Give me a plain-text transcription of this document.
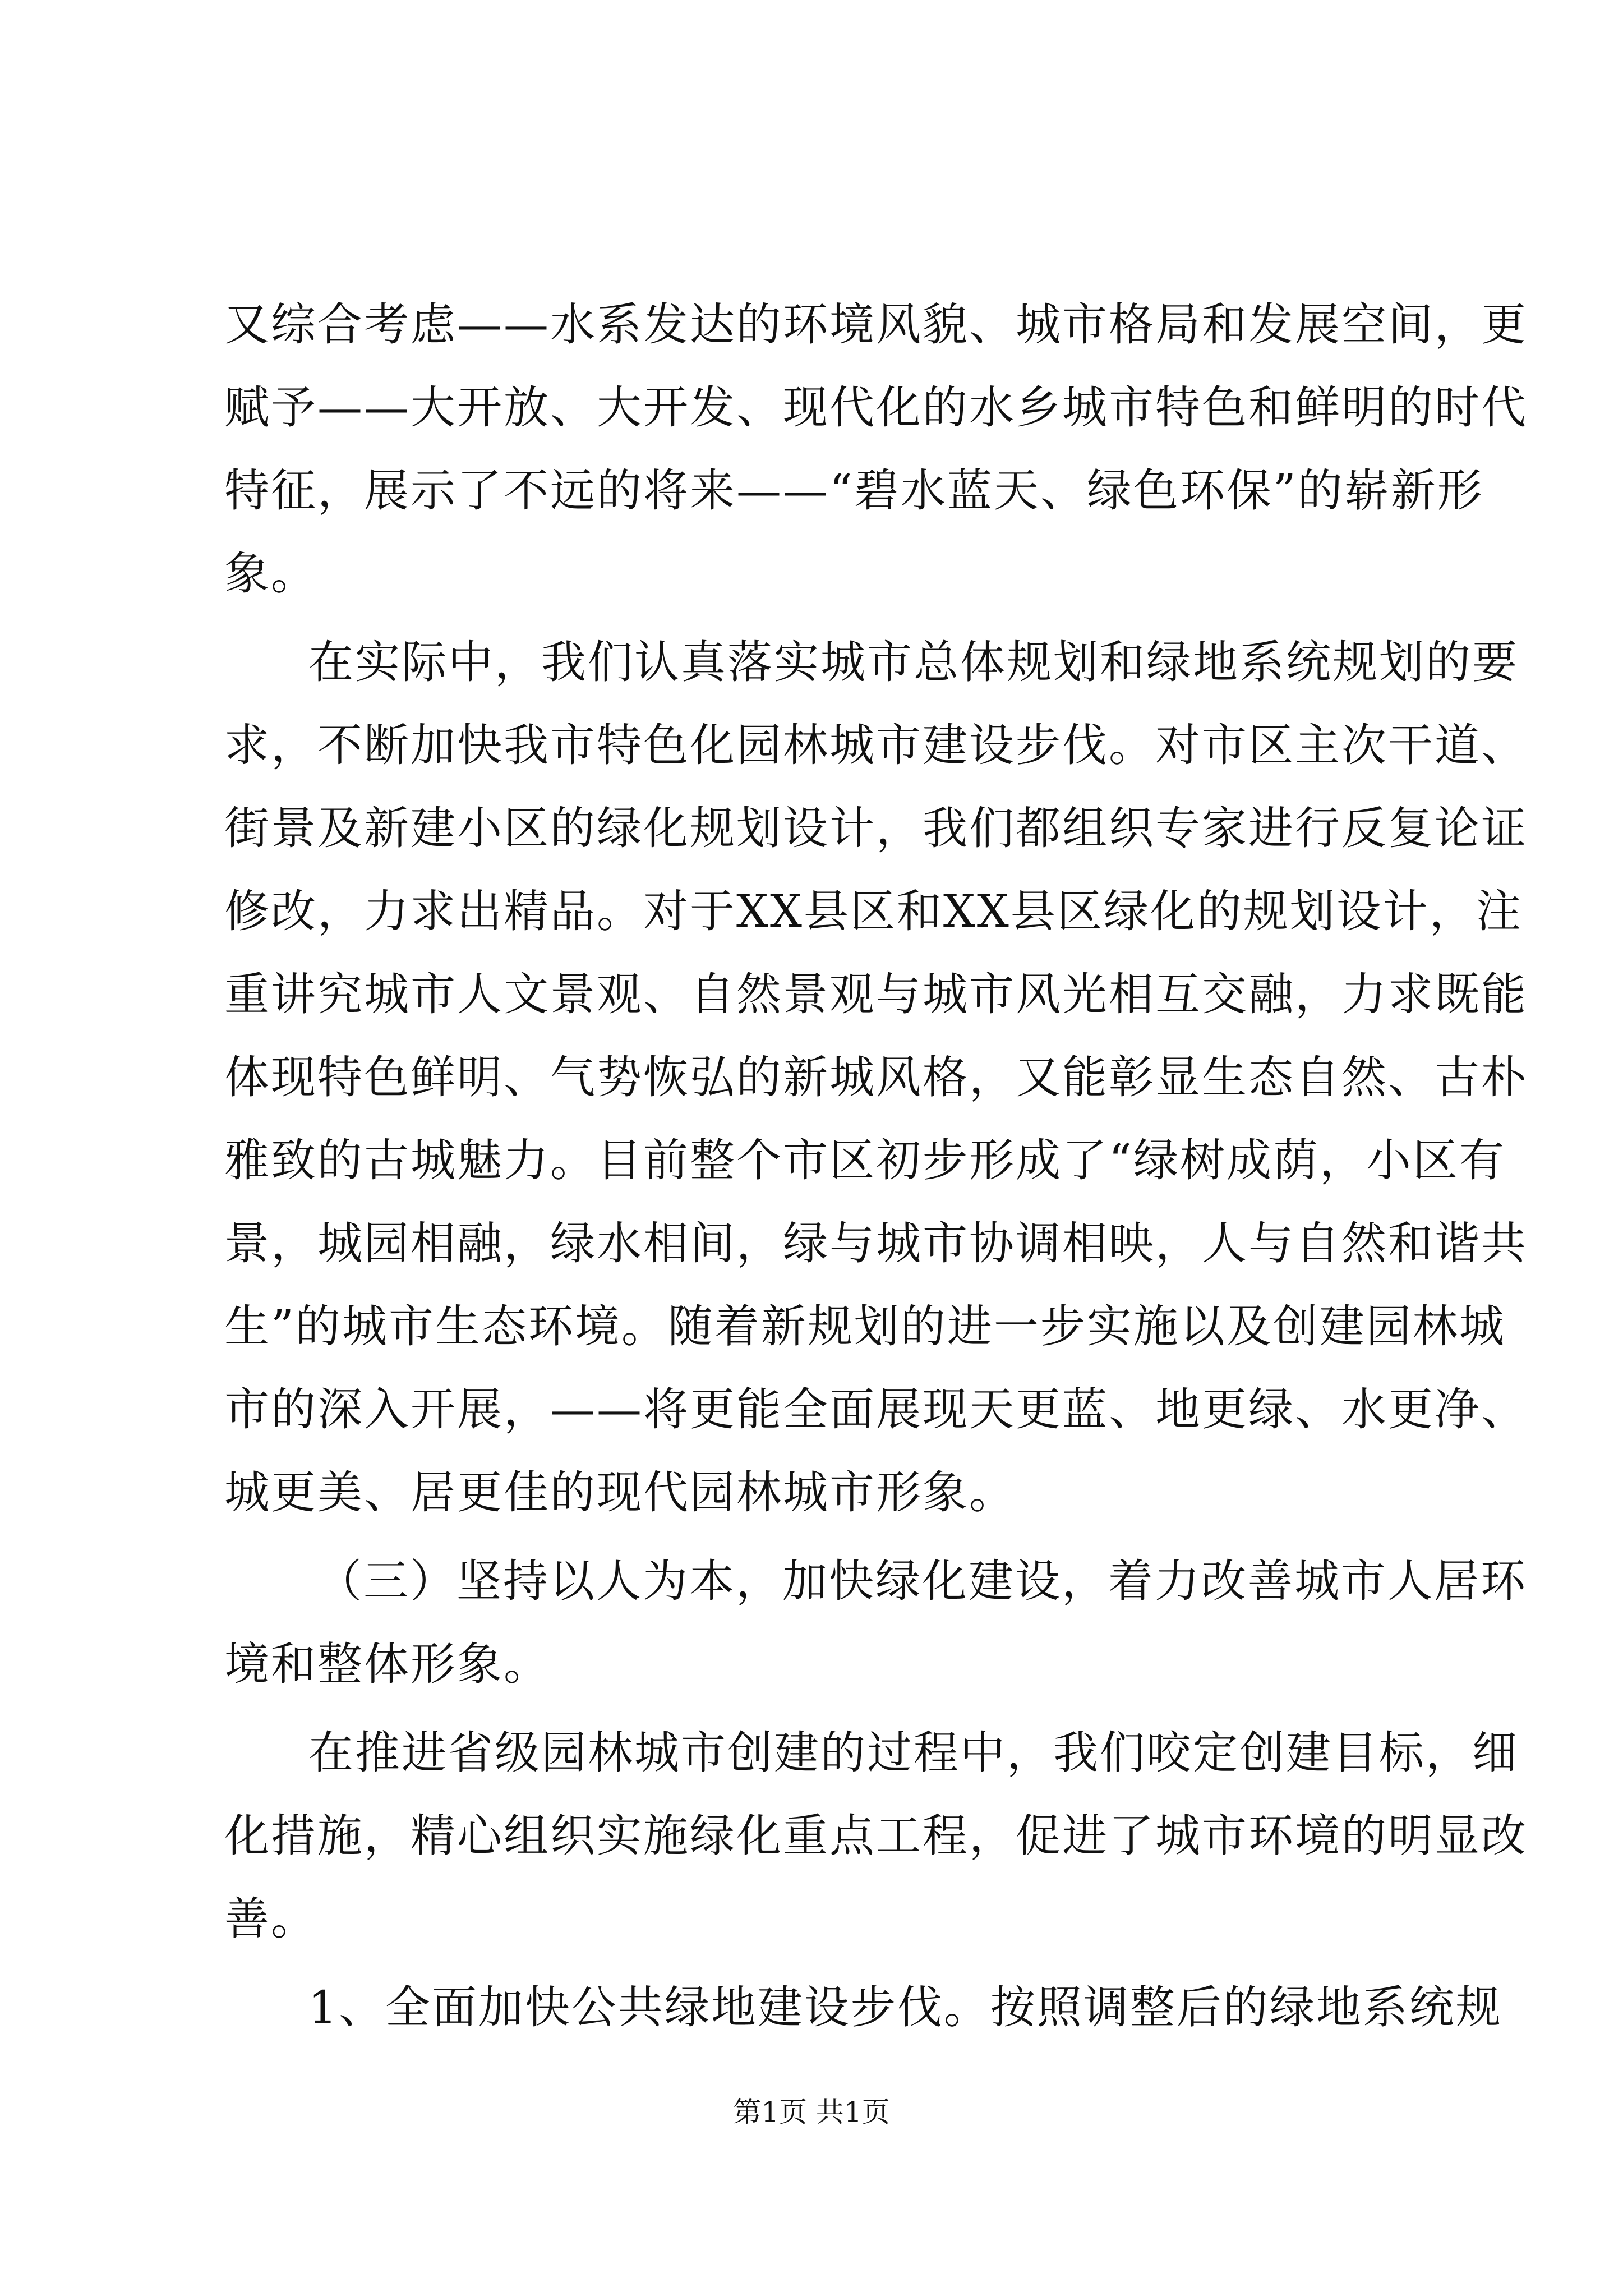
又综合考虑——水系发达的环境风貌、城市格局和发展空间，更
赋予——大开放、大开发、现代化的水乡城市特色和鲜明的时代
特征，展示了不远的将来——“碧水蓝天、绿色环保”的崭新形
象。
在实际中，我们认真落实城市总体规划和绿地系统规划的要
求，不断加快我市特色化园林城市建设步伐。对市区主次干道、
街景及新建小区的绿化规划设计，我们都组织专家进行反复论证
修改，力求出精品。对于XX县区和XX县区绿化的规划设计，注
重讲究城市人文景观、自然景观与城市风光相互交融，力求既能
体现特色鲜明、气势恢弘的新城风格，又能彰显生态自然、古朴
雅致的古城魅力。目前整个市区初步形成了“绿树成荫，小区有
景，城园相融，绿水相间，绿与城市协调相映，人与自然和谐共
生”的城市生态环境。随着新规划的进一步实施以及创建园林城
市的深入开展，——将更能全面展现天更蓝、地更绿、水更净、
城更美、居更佳的现代园林城市形象。
（三）坚持以人为本，加快绿化建设，着力改善城市人居环
境和整体形象。
在推进省级园林城市创建的过程中，我们咬定创建目标，细
化措施，精心组织实施绿化重点工程，促进了城市环境的明显改
善。
1、全面加快公共绿地建设步伐。按照调整后的绿地系统规
第1页 共1页
